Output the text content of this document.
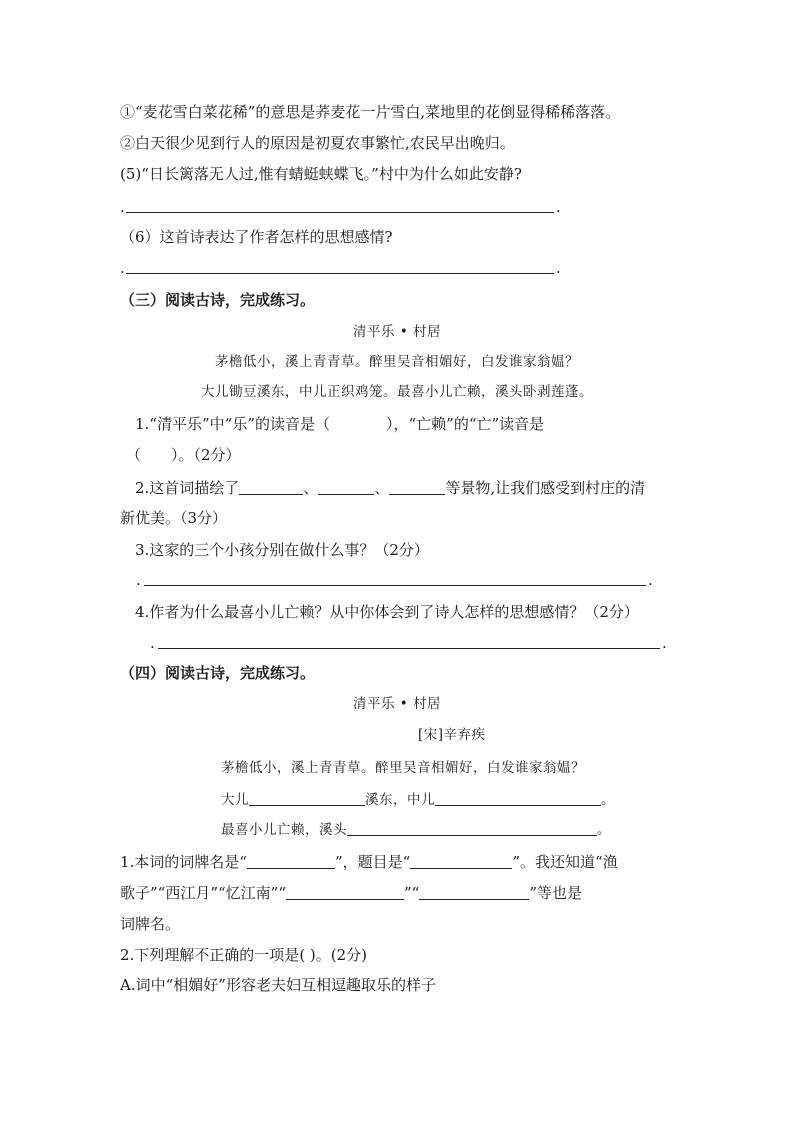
①“麦花雪白菜花稀”的意思是荞麦花一片雪白,菜地里的花倒显得稀稀落落。
②白天很少见到行人的原因是初夏农事繁忙,农民早出晚归。
(5)“日长篱落无人过,惟有蜻蜓蛱蝶飞。”村中为什么如此安静?
.	.
（6）这首诗表达了作者怎样的思想感情?
.	.
（三）阅读古诗，完成练习。
清平乐 • 村居
茅檐低小，溪上青青草。醉里吴音相媚好，白发谁家翁媪？
大儿锄豆溪东，中儿正织鸡笼。最喜小儿亡赖，溪头卧剥莲蓬。
1.“清平乐”中“乐”的读音是（	），“亡赖”的“亡”读音是
（ ）。（2分）
2.这首词描绘了	、	、	等景物,让我们感受到村庄的清
新优美。（3分）
3.这家的三个小孩分别在做什么事？（2分）
.	.
4.作者为什么最喜小儿亡赖？从中你体会到了诗人怎样的思想感情？（2分）
.	.
（四）阅读古诗，完成练习。
清平乐 • 村居
[宋]辛弃疾
茅檐低小，溪上青青草。醉里吴音相媚好，白发谁家翁媪？
大儿	溪东，中儿	。
最喜小儿亡赖，溪头	。
1.本词的词牌名是“	”，题目是“	”。我还知道“渔
歌子”“西江月”“忆江南”“	”“	”等也是
词牌名。
2.下列理解不正确的一项是( )。(2分)
A.词中“相媚好”形容老夫妇互相逗趣取乐的样子
